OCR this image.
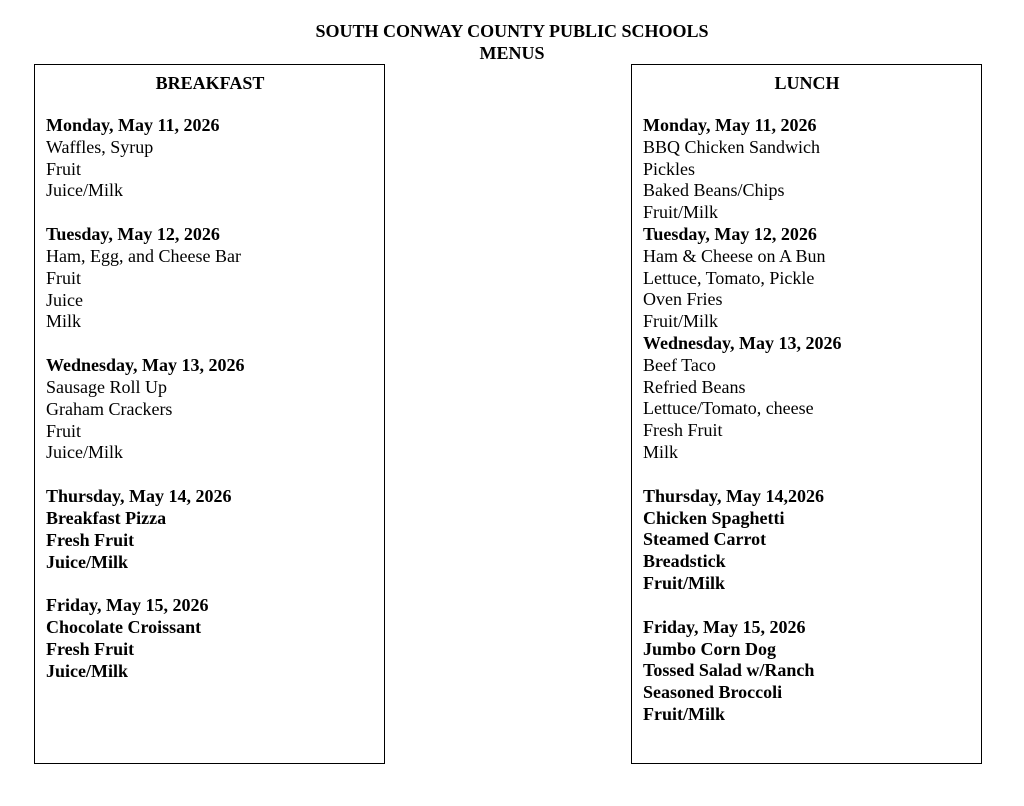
SOUTH CONWAY COUNTY PUBLIC SCHOOLS
MENUS
BREAKFAST
Monday, May 11, 2026
Waffles, Syrup
Fruit
Juice/Milk
Tuesday, May 12, 2026
Ham, Egg, and Cheese Bar
Fruit
Juice
Milk
Wednesday, May 13, 2026
Sausage Roll Up
Graham Crackers
Fruit
Juice/Milk
Thursday, May 14, 2026
Breakfast Pizza
Fresh Fruit
Juice/Milk
Friday, May 15, 2026
Chocolate Croissant
Fresh Fruit
Juice/Milk
LUNCH
Monday, May 11, 2026
BBQ Chicken Sandwich
Pickles
Baked Beans/Chips
Fruit/Milk
Tuesday, May 12, 2026
Ham & Cheese on A Bun
Lettuce, Tomato, Pickle
Oven Fries
Fruit/Milk
Wednesday, May 13, 2026
Beef Taco
Refried Beans
Lettuce/Tomato, cheese
Fresh Fruit
Milk
Thursday, May 14,2026
Chicken Spaghetti
Steamed Carrot
Breadstick
Fruit/Milk
Friday, May 15, 2026
Jumbo Corn Dog
Tossed Salad w/Ranch
Seasoned Broccoli
Fruit/Milk
